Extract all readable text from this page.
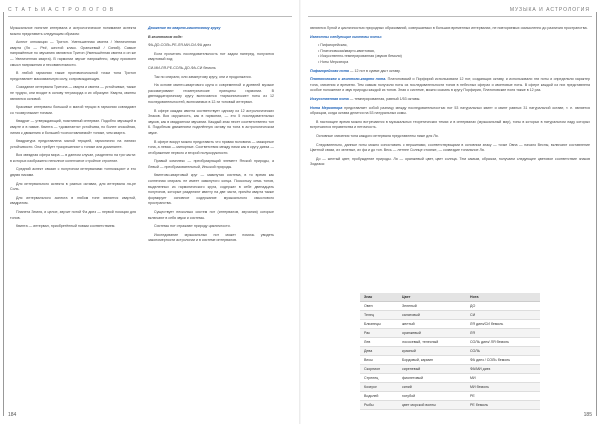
С Т А Т Ь И А С Т Р О Л О Г О В

Музыкальное понятие интервала и астрологическое понимание аспекта можно представить следующим образом:

Аспект оппозиции — Тритон. Уменьшенная квинта / Увеличенная кварта (Ля — Ре#, шестой класс. Оранжевый / Синий). Самые напряжённые по звучанию являются Тритон (Уменьшённая квинта и он же — Увеличенная кварта). В гармонии звучат напряжённо, звуку присвоен смысл напряжения и несовместимости.

В любой гармонии также противоположной точки тона Тритон представляет максимальную силу, сопровождающую.

Созидание интервала Тритона — кварта и квинта — устойчивые, также не трудно, они входят в основу тетрахорда и их образуют. Кварта, квинты являются основой.

Красивые интервалы большой и малой терции в гармонии совпадают со «созвучными» тонами.

Квадрат — утверждающий, позитивный интервал. Подобно звучащей в кварте и в гамме. Квинта — «доминанта» устойчива, но более спокойная, линия к движению и большей «сопоставляемой» тонике, чем кварта.

Квадратура представлена малой терцией, гармонично на линиях устойчивости. Она требует «разрешения» к тонике или доминанте.

Вся звездная сфера мира — в данном случае, разделено на три части: в которых изображено неполное коленчатое стройное строение.

Средний аспект связан с полутоном интервалами «оппозиции» и его двумя пиками.

Для интервального аспекта в разных октавах, для интервала ля-ре Соль.

Для интервального аспекта в любом тоне является квартой, квадратом.

Планета Земля, и целое, звучит нотой Фа диез — первой позиции для тонов.

Квинта — интервал, приобретённый новым соответствием.

Движение по кварто-квинтовому кругу

В квинтовом ходе:

ФА-ДО-СОЛЬ-РЕ-ЛЯ-МИ-СИ-ФА диез

Если прочитать последовательность нот задом наперед, получится квартовый ход:

СИ-МИ-ЛЯ-РЕ-СОЛЬ-ДО-ФА-СИ бемоль

Так по спирали, или замкнутому кругу, они и продолжатся.

На основе квинто-квартового круга и современной и древней музыке рассматривают геометрические принципы гармонии. В двенадцатиричному кругу включаются «гармонические» ноты из 12 последовательностей, включаемых в 12-ти тоновый интервал.

В сфере каждая квинта соответствует одному из 12 астрологических Знаков. Вся окружность, как в гармонии, — это 5 последовательных звуков, как в квадратном звучании. Каждый знак несет соответственно тон 6. Подобным движением поделённую октаву на тона в астрологическом звуке.

В сфере вокруг можно представить что правая половина — мажорные тона, а левая — минорные. Соответствия между ними как в кругу диеза — отображение первого и второй полуокружности.

Правый комплекс — преобразующий элемент Янской природы, а Левый — преобразовательный, Иньской природы.

Квинтово-квартовый круг — замкнутая система, в то время как солнечная спираль не имеет замкнутого конца. Поскольку семь тонов, выделенных из гармонического круга, содержат в себе двенадцать полутонов, которые разделяют квинту на две части, причём кварта также формирует основное содержание музыкального смыслового пространства.

Существует несколько систем нот (интервалов, звучания) которые включают в себя звуки и системы.

Системы нот отражают природу цикличности.

Исследование музыкальных нот может помочь увидеть закономерности астрологии и в системе интервалов.

184
МУЗЫКА И АСТРОЛОГИЯ
185

являются Луной и цикличностью природных образований, совершаемых в больших временных интервалах, не повторяемых осмысленно до различия пространства.

Известны следующие системы ноты:

• Пифагорейская,
• Платоновская/кварто-квинтовая,
• Искусственно-темперированная (звуков бемоли)
• Ноты Меркатора

Пифагорейская нота — 12 нот в сумме даст октаву.

Платоновская и квинтово-кварто нота. Платоновский и Порфирий использовали 12 нот, создающих октаву, и использовали эти ноты и определяли характер тона, значения и времени. Тем самым получили ноты из последовательности тонов в небесных сферах и квинтовые ноты. В сфере каждой из них представлена особое положение и звук природы каждой из тонов. Зная о системе, можно сказать в кругу Порфирия, Платоновские поля также в 12 раз.

Искусственная нота — темперированная, равный 1/53 октавы.

Нота Меркатора представляет собой разницу между последовательностью нот 53 натуральных квинт и квинт равных 31 натуральной октаве, т. е. является образцом, когда октава делится на 53 натуральных комы.

В настоящее время можно встречаются в музыкальных теоретических темах и в интервалах (музыкальный мир), тоны в которых в натуральном ладу которых встречаются неравенства и неточность.

Основные значения тона каждого интервала представлены ниже для Ля.

Следовательно, данные ноты можно сопоставить с вершинами, соответствующими в основном знаку — точке Овна — начало Весны, включают составление Цветной связи, их зеленые, их фа и до тон. Весь — летнее Солнце стоянке, — созвездие тональное Ля.

До — желтый цвет, пробуждение природы. Ля — оранжевый цвет, цвет солнца. Тем самым, образом, получаем следующее цветовое соответствие знаков Зодиака:

Знак	Цвет	Нота
Овен	Зеленый	ДО
Телец	салатовый	СИ
Близнецы	желтый	ЛЯ диез/СИ бемоль
Рак	оранжевый	ЛЯ
Лев	лососевый, телесный	СОЛЬ диез/ ЛЯ бемоль
Дева	красный	СОЛЬ
Весы	Бордовый, кармин	ФА диез / СОЛЬ бемоль
Скорпион	сиреневый	ФА/МИ диез
Стрелец	фиолетовый	МИ
Козерог	синий	МИ бемоль
Водолей	голубой	РЕ
Рыбы	цвет морской волны	РЕ бемоль
